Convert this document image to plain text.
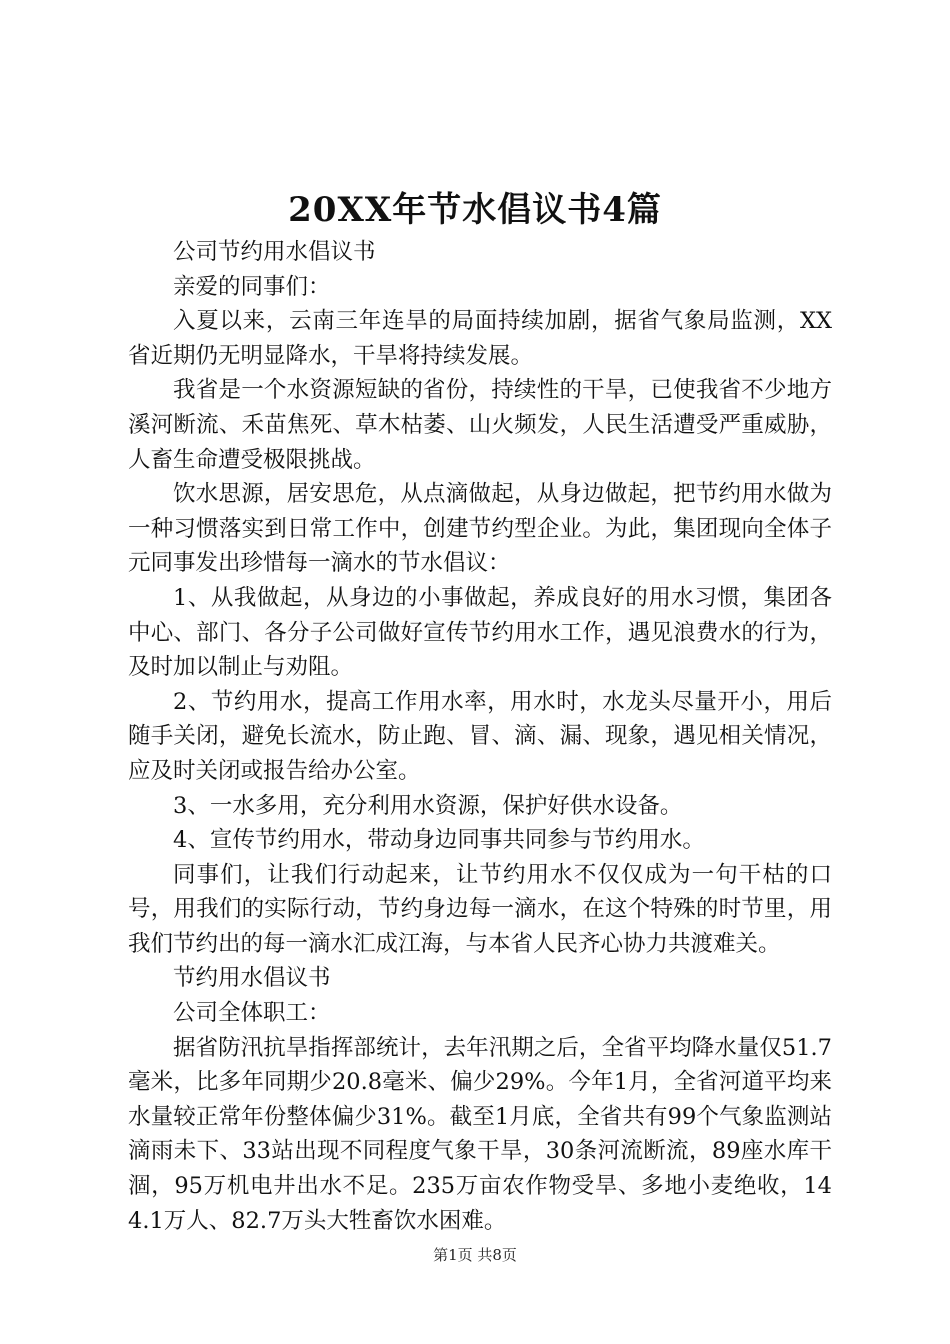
20XX年节水倡议书4篇

公司节约用水倡议书

亲爱的同事们：

入夏以来，云南三年连旱的局面持续加剧，据省气象局监测，XX省近期仍无明显降水，干旱将持续发展。

我省是一个水资源短缺的省份，持续性的干旱，已使我省不少地方溪河断流、禾苗焦死、草木枯萎、山火频发，人民生活遭受严重威胁，人畜生命遭受极限挑战。

饮水思源，居安思危，从点滴做起，从身边做起，把节约用水做为一种习惯落实到日常工作中，创建节约型企业。为此，集团现向全体子元同事发出珍惜每一滴水的节水倡议：

1、从我做起，从身边的小事做起，养成良好的用水习惯，集团各中心、部门、各分子公司做好宣传节约用水工作，遇见浪费水的行为，及时加以制止与劝阻。

2、节约用水，提高工作用水率，用水时，水龙头尽量开小，用后随手关闭，避免长流水，防止跑、冒、滴、漏、现象，遇见相关情况，应及时关闭或报告给办公室。

3、一水多用，充分利用水资源，保护好供水设备。

4、宣传节约用水，带动身边同事共同参与节约用水。

同事们，让我们行动起来，让节约用水不仅仅成为一句干枯的口号，用我们的实际行动，节约身边每一滴水，在这个特殊的时节里，用我们节约出的每一滴水汇成江海，与本省人民齐心协力共渡难关。

节约用水倡议书

公司全体职工：

据省防汛抗旱指挥部统计，去年汛期之后，全省平均降水量仅51.7毫米，比多年同期少20.8毫米、偏少29%。今年1月，全省河道平均来水量较正常年份整体偏少31%。截至1月底，全省共有99个气象监测站滴雨未下、33站出现不同程度气象干旱，30条河流断流，89座水库干涸，95万机电井出水不足。235万亩农作物受旱、多地小麦绝收，144.1万人、82.7万头大牲畜饮水困难。

第1页 共8页
